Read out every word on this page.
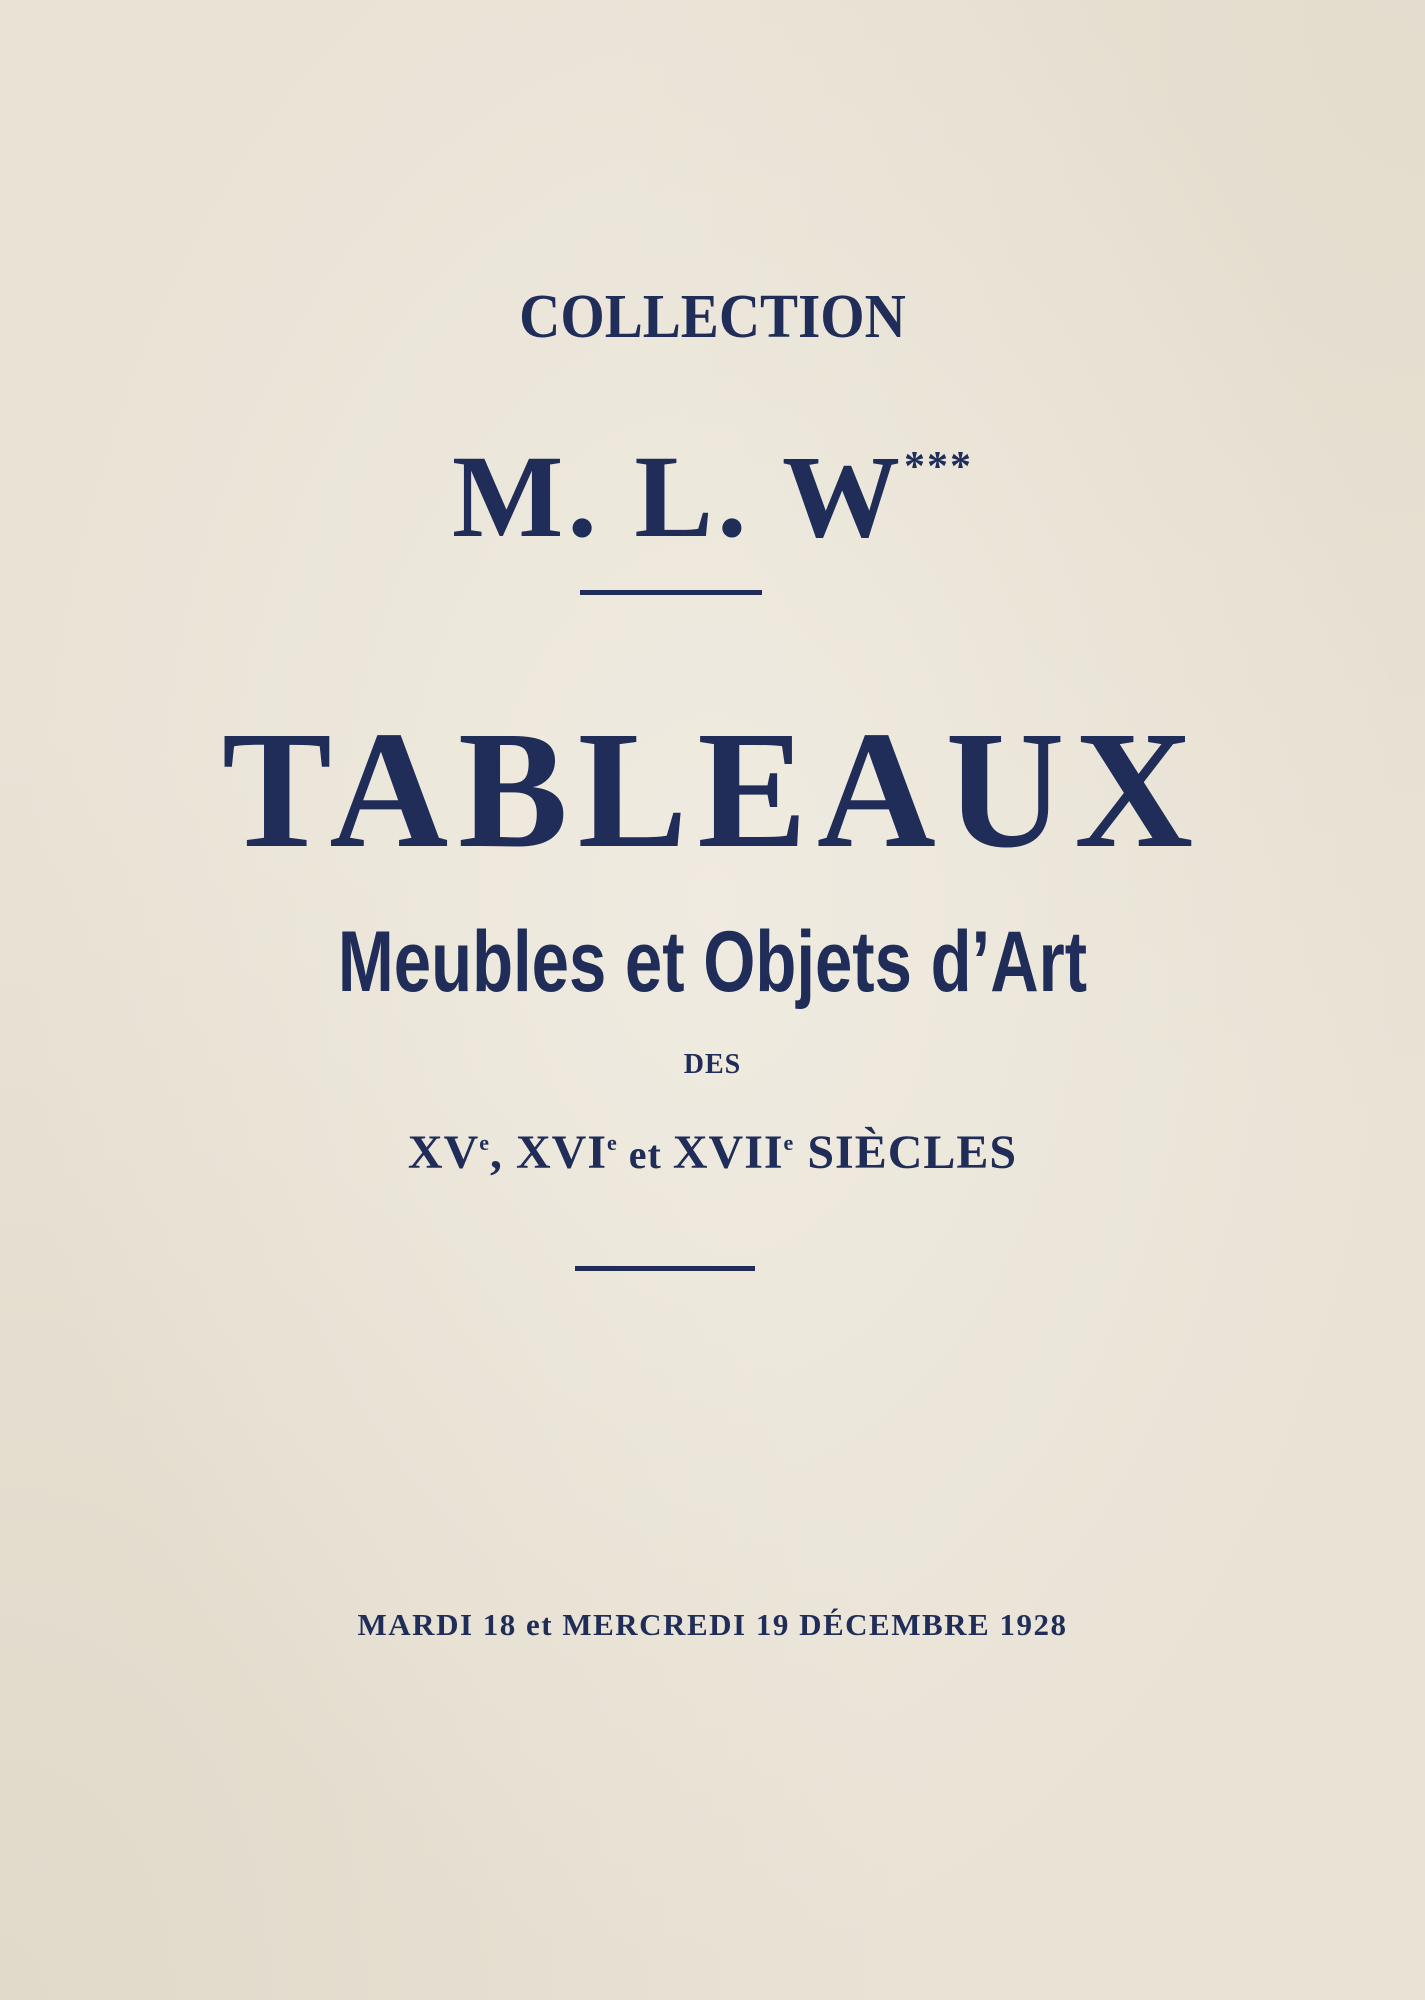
COLLECTION
M. L. W***
TABLEAUX
Meubles et Objets d’Art
DES
XVe, XVIe et XVIIe SIÈCLES
MARDI 18 et MERCREDI 19 DÉCEMBRE 1928
